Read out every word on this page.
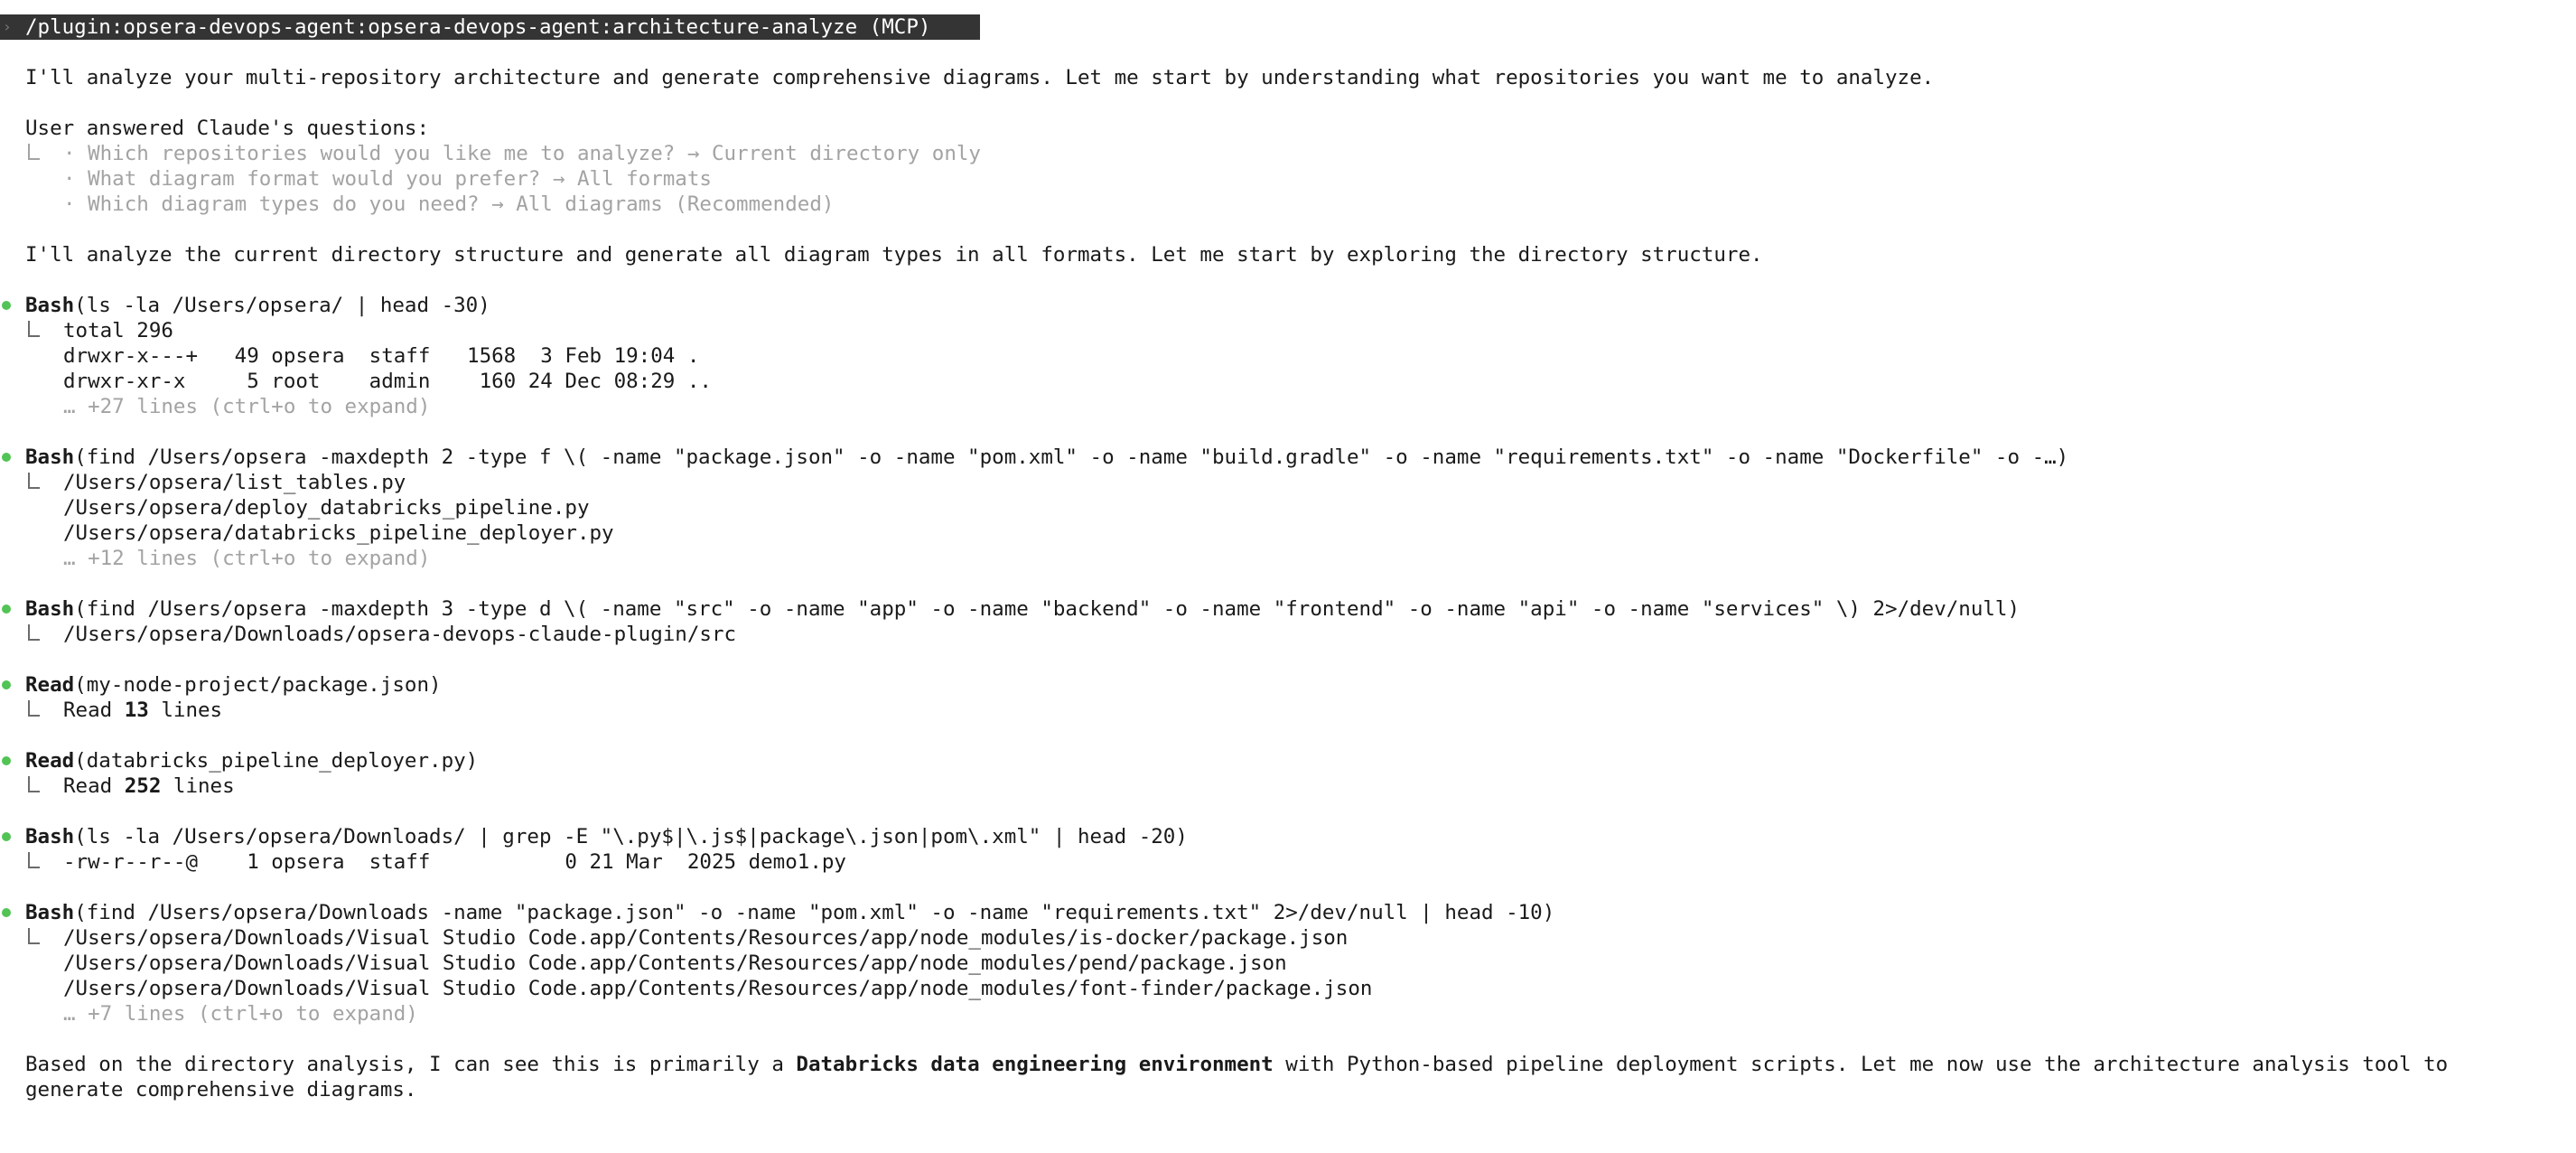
› /plugin:opsera-devops-agent:opsera-devops-agent:architecture-analyze (MCP)

I'll analyze your multi-repository architecture and generate comprehensive diagrams. Let me start by understanding what repositories you want me to analyze.

User answered Claude's questions:

· Which repositories would you like me to analyze? → Current directory only

· What diagram format would you prefer? → All formats

· Which diagram types do you need? → All diagrams (Recommended)

I'll analyze the current directory structure and generate all diagram types in all formats. Let me start by exploring the directory structure.

Bash(ls -la /Users/opsera/ | head -30)

total 296

drwxr-x---+   49 opsera  staff   1568  3 Feb 19:04 .

drwxr-xr-x     5 root    admin    160 24 Dec 08:29 ..

… +27 lines (ctrl+o to expand)

Bash(find /Users/opsera -maxdepth 2 -type f \( -name "package.json" -o -name "pom.xml" -o -name "build.gradle" -o -name "requirements.txt" -o -name "Dockerfile" -o -…)

/Users/opsera/list_tables.py

/Users/opsera/deploy_databricks_pipeline.py

/Users/opsera/databricks_pipeline_deployer.py

… +12 lines (ctrl+o to expand)

Bash(find /Users/opsera -maxdepth 3 -type d \( -name "src" -o -name "app" -o -name "backend" -o -name "frontend" -o -name "api" -o -name "services" \) 2>/dev/null)

/Users/opsera/Downloads/opsera-devops-claude-plugin/src

Read(my-node-project/package.json)

Read 13 lines

Read(databricks_pipeline_deployer.py)

Read 252 lines

Bash(ls -la /Users/opsera/Downloads/ | grep -E "\.py$|\.js$|package\.json|pom\.xml" | head -20)

-rw-r--r--@    1 opsera  staff           0 21 Mar  2025 demo1.py

Bash(find /Users/opsera/Downloads -name "package.json" -o -name "pom.xml" -o -name "requirements.txt" 2>/dev/null | head -10)

/Users/opsera/Downloads/Visual Studio Code.app/Contents/Resources/app/node_modules/is-docker/package.json

/Users/opsera/Downloads/Visual Studio Code.app/Contents/Resources/app/node_modules/pend/package.json

/Users/opsera/Downloads/Visual Studio Code.app/Contents/Resources/app/node_modules/font-finder/package.json

… +7 lines (ctrl+o to expand)

Based on the directory analysis, I can see this is primarily a Databricks data engineering environment with Python-based pipeline deployment scripts. Let me now use the architecture analysis tool to

generate comprehensive diagrams.
